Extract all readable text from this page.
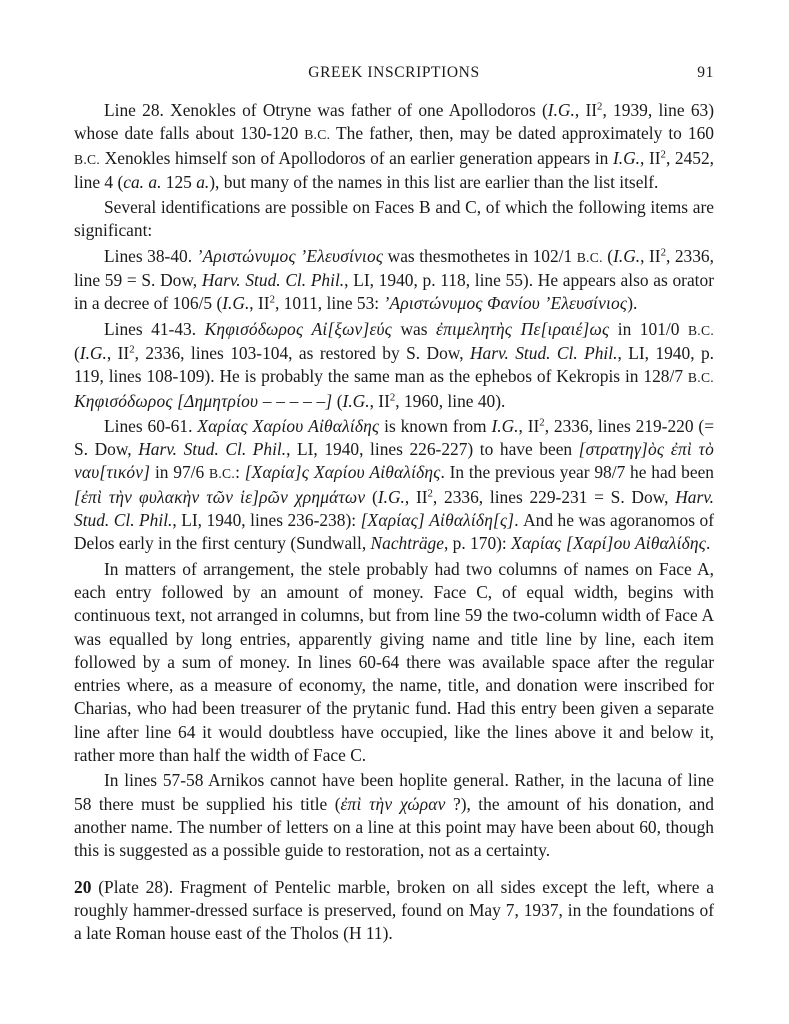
GREEK INSCRIPTIONS	91

Line 28. Xenokles of Otryne was father of one Apollodoros (I.G., $II^2$, 1939, line 63) whose date falls about 130-120 B.C. The father, then, may be dated approximately to 160 B.C. Xenokles himself son of Apollodoros of an earlier generation appears in I.G., $II^2$, 2452, line 4 (ca. a. 125 a.), but many of the names in this list are earlier than the list itself.

Several identifications are possible on Faces B and C, of which the following items are significant:

Lines 38-40. ’Αριστώνυμος ’Ελευσίνιος was thesmothetes in 102/1 B.C. (I.G., $II^2$, 2336, line 59 = S. Dow, Harv. Stud. Cl. Phil., LI, 1940, p. 118, line 55). He appears also as orator in a decree of 106/5 (I.G., $II^2$, 1011, line 53: ’Αριστώνυμος Φανίου ’Ελευσίνιος).

Lines 41-43. Κηφισόδωρος Αἰ[ξων]εύς was ἐπιμελητὴς Πε[ιραιέ]ως in 101/0 B.C. (I.G., $II^2$, 2336, lines 103-104, as restored by S. Dow, Harv. Stud. Cl. Phil., LI, 1940, p. 119, lines 108-109). He is probably the same man as the ephebos of Kekropis in 128/7 B.C. Κηφισόδωρος [Δημητρίου – – – – –] (I.G., $II^2$, 1960, line 40).

Lines 60-61. Χαρίας Χαρίου Αἰθαλίδης is known from I.G., $II^2$, 2336, lines 219-220 (= S. Dow, Harv. Stud. Cl. Phil., LI, 1940, lines 226-227) to have been [στρατηγ]ὸς ἐπὶ τὸ ναυ[τικόν] in 97/6 B.C.: [Χαρία]ς Χαρίου Αἰθαλίδης. In the previous year 98/7 he had been [ἐπὶ τὴν φυλακὴν τῶν ἱε]ρῶν χρημάτων (I.G., $II^2$, 2336, lines 229-231 = S. Dow, Harv. Stud. Cl. Phil., LI, 1940, lines 236-238): [Χαρίας] Αἰθαλίδη[ς]. And he was agoranomos of Delos early in the first century (Sundwall, Nachträge, p. 170): Χαρίας [Χαρί]ου Αἰθαλίδης.

In matters of arrangement, the stele probably had two columns of names on Face A, each entry followed by an amount of money. Face C, of equal width, begins with continuous text, not arranged in columns, but from line 59 the two-column width of Face A was equalled by long entries, apparently giving name and title line by line, each item followed by a sum of money. In lines 60-64 there was available space after the regular entries where, as a measure of economy, the name, title, and donation were inscribed for Charias, who had been treasurer of the prytanic fund. Had this entry been given a separate line after line 64 it would doubtless have occupied, like the lines above it and below it, rather more than half the width of Face C.

In lines 57-58 Arnikos cannot have been hoplite general. Rather, in the lacuna of line 58 there must be supplied his title (ἐπὶ τὴν χώραν ?), the amount of his donation, and another name. The number of letters on a line at this point may have been about 60, though this is suggested as a possible guide to restoration, not as a certainty.

20 (Plate 28). Fragment of Pentelic marble, broken on all sides except the left, where a roughly hammer-dressed surface is preserved, found on May 7, 1937, in the foundations of a late Roman house east of the Tholos (H 11).
